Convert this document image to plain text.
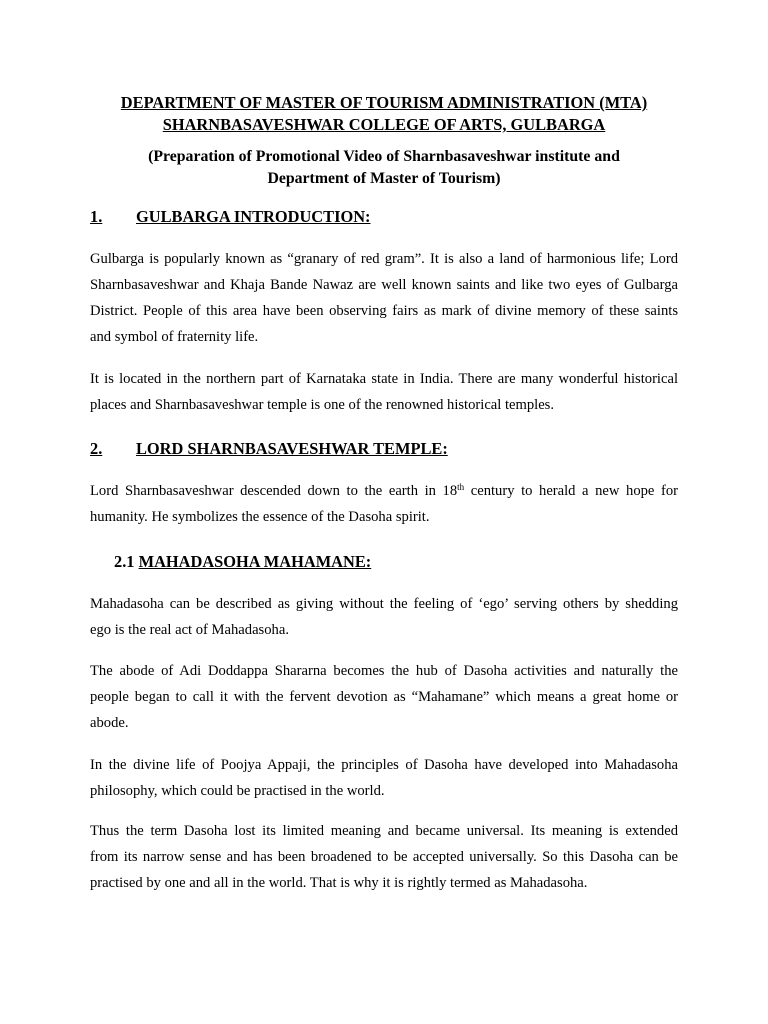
DEPARTMENT OF MASTER OF TOURISM ADMINISTRATION (MTA)
SHARNBASAVESHWAR COLLEGE OF ARTS, GULBARGA
(Preparation of Promotional Video of Sharnbasaveshwar institute and
Department of Master of Tourism)
1. GULBARGA INTRODUCTION:
Gulbarga is popularly known as “granary of red gram”. It is also a land of harmonious life; Lord
Sharnbasaveshwar and Khaja Bande Nawaz are well known saints and like two eyes of Gulbarga
District. People of this area have been observing fairs as mark of divine memory of these saints
and symbol of fraternity life.
It is located in the northern part of Karnataka state in India. There are many wonderful historical
places and Sharnbasaveshwar temple is one of the renowned historical temples.
2. LORD SHARNBASAVESHWAR TEMPLE:
Lord Sharnbasaveshwar descended down to the earth in 18th century to herald a new hope for
humanity. He symbolizes the essence of the Dasoha spirit.
2.1 MAHADASOHA MAHAMANE:
Mahadasoha can be described as giving without the feeling of ‘ego’ serving others by shedding
ego is the real act of Mahadasoha.
The abode of Adi Doddappa Shararna becomes the hub of Dasoha activities and naturally the
people began to call it with the fervent devotion as “Mahamane” which means a great home or
abode.
In the divine life of Poojya Appaji, the principles of Dasoha have developed into Mahadasoha
philosophy, which could be practised in the world.
Thus the term Dasoha lost its limited meaning and became universal. Its meaning is extended
from its narrow sense and has been broadened to be accepted universally. So this Dasoha can be
practised by one and all in the world. That is why it is rightly termed as Mahadasoha.
